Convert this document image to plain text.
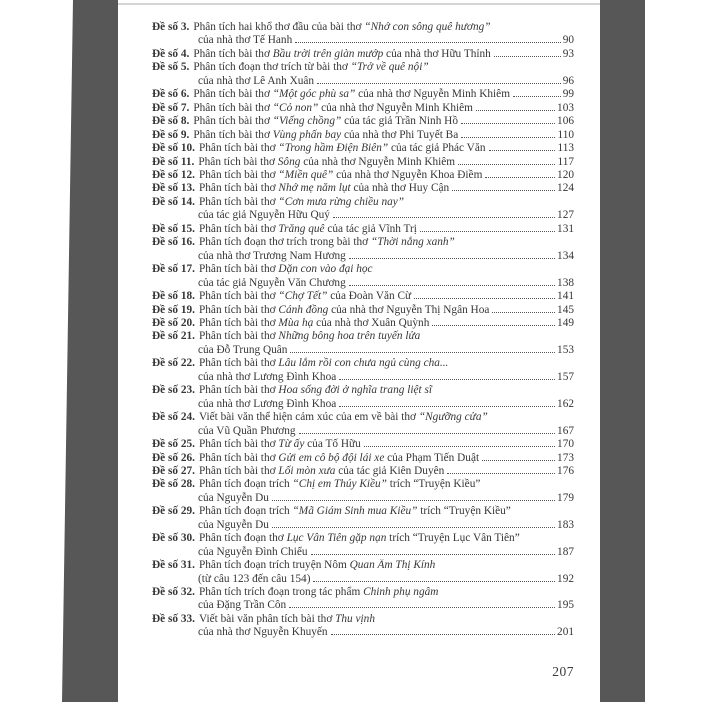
Đề số 3. Phân tích hai khổ thơ đầu của bài thơ “Nhớ con sông quê hương”
của nhà thơ Tế Hanh	90
Đề số 4. Phân tích bài thơ Bầu trời trên giàn mướp của nhà thơ Hữu Thỉnh	93
Đề số 5. Phân tích đoạn thơ trích từ bài thơ “Trở về quê nội”
của nhà thơ Lê Anh Xuân	96
Đề số 6. Phân tích bài thơ “Một góc phù sa” của nhà thơ Nguyễn Minh Khiêm	99
Đề số 7. Phân tích bài thơ “Cỏ non” của nhà thơ Nguyễn Minh Khiêm	103
Đề số 8. Phân tích bài thơ “Viếng chồng” của tác giả Trần Ninh Hồ	106
Đề số 9. Phân tích bài thơ Vùng phấn bay của nhà thơ Phi Tuyết Ba	110
Đề số 10. Phân tích bài thơ “Trong hầm Điện Biên” của tác giả Phác Văn	113
Đề số 11. Phân tích bài thơ Sông của nhà thơ Nguyễn Minh Khiêm	117
Đề số 12. Phân tích bài thơ “Miền quê” của nhà thơ Nguyễn Khoa Điềm	120
Đề số 13. Phân tích bài thơ Nhớ mẹ năm lụt của nhà thơ Huy Cận	124
Đề số 14. Phân tích bài thơ “Cơn mưa rừng chiều nay”
của tác giả Nguyễn Hữu Quý	127
Đề số 15. Phân tích bài thơ Trăng quê của tác giả Vĩnh Trị	131
Đề số 16. Phân tích đoạn thơ trích trong bài thơ “Thời nắng xanh”
của nhà thơ Trương Nam Hương	134
Đề số 17. Phân tích bài thơ Dặn con vào đại học
của tác giả Nguyễn Văn Chương	138
Đề số 18. Phân tích bài thơ “Chợ Tết” của Đoàn Văn Cừ	141
Đề số 19. Phân tích bài thơ Cánh đồng của nhà thơ Nguyễn Thị Ngân Hoa	145
Đề số 20. Phân tích bài thơ Mùa hạ của nhà thơ Xuân Quỳnh	149
Đề số 21. Phân tích bài thơ Những bông hoa trên tuyến lửa
của Đỗ Trung Quân	153
Đề số 22. Phân tích bài thơ Lâu lắm rồi con chưa ngủ cùng cha...
của nhà thơ Lương Đình Khoa	157
Đề số 23. Phân tích bài thơ Hoa sống đời ở nghĩa trang liệt sĩ
của nhà thơ Lương Đình Khoa	162
Đề số 24. Viết bài văn thể hiện cảm xúc của em về bài thơ “Ngưỡng cửa”
của Vũ Quần Phương	167
Đề số 25. Phân tích bài thơ Từ ấy của Tố Hữu	170
Đề số 26. Phân tích bài thơ Gửi em cô bộ đội lái xe của Phạm Tiến Duật	173
Đề số 27. Phân tích bài thơ Lối mòn xưa của tác giả Kiên Duyên	176
Đề số 28. Phân tích đoạn trích “Chị em Thúy Kiều” trích “Truyện Kiều”
của Nguyễn Du	179
Đề số 29. Phân tích đoạn trích “Mã Giám Sinh mua Kiều” trích “Truyện Kiều”
của Nguyễn Du	183
Đề số 30. Phân tích đoạn thơ Lục Vân Tiên gặp nạn trích “Truyện Lục Vân Tiên”
của Nguyễn Đình Chiểu	187
Đề số 31. Phân tích đoạn trích truyện Nôm Quan Âm Thị Kính
(từ câu 123 đến câu 154)	192
Đề số 32. Phân tích trích đoạn trong tác phẩm Chinh phụ ngâm
của Đặng Trần Côn	195
Đề số 33. Viết bài văn phân tích bài thơ Thu vịnh
của nhà thơ Nguyễn Khuyến	201
207
